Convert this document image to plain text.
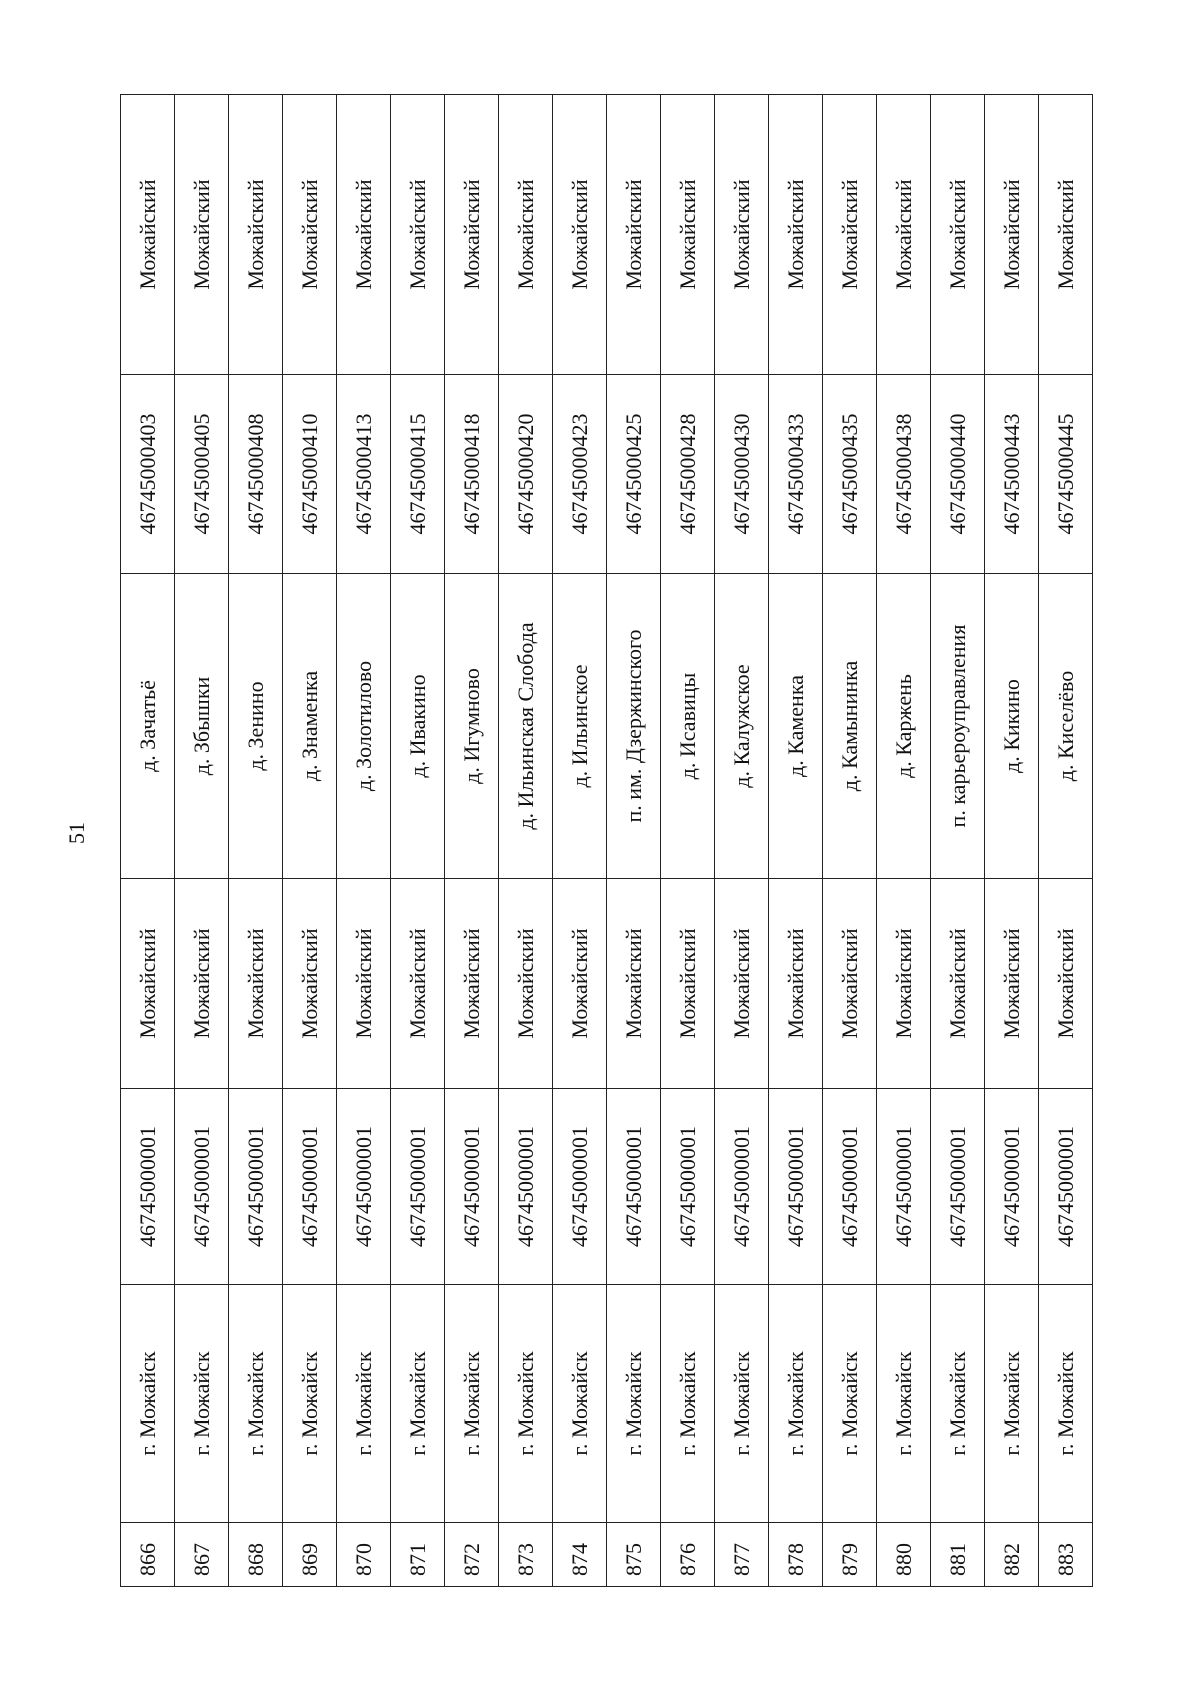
51
866	г. Можайск	46745000001	Можайский	д. Зачатьё	46745000403	Можайский
867	г. Можайск	46745000001	Можайский	д. Збышки	46745000405	Можайский
868	г. Можайск	46745000001	Можайский	д. Зенино	46745000408	Можайский
869	г. Можайск	46745000001	Можайский	д. Знаменка	46745000410	Можайский
870	г. Можайск	46745000001	Можайский	д. Золотилово	46745000413	Можайский
871	г. Можайск	46745000001	Можайский	д. Ивакино	46745000415	Можайский
872	г. Можайск	46745000001	Можайский	д. Игумново	46745000418	Можайский
873	г. Можайск	46745000001	Можайский	д. Ильинская Слобода	46745000420	Можайский
874	г. Можайск	46745000001	Можайский	д. Ильинское	46745000423	Можайский
875	г. Можайск	46745000001	Можайский	п. им. Дзержинского	46745000425	Можайский
876	г. Можайск	46745000001	Можайский	д. Исавицы	46745000428	Можайский
877	г. Можайск	46745000001	Можайский	д. Калужское	46745000430	Можайский
878	г. Можайск	46745000001	Можайский	д. Каменка	46745000433	Можайский
879	г. Можайск	46745000001	Можайский	д. Камынинка	46745000435	Можайский
880	г. Можайск	46745000001	Можайский	д. Каржень	46745000438	Можайский
881	г. Можайск	46745000001	Можайский	п. карьероуправления	46745000440	Можайский
882	г. Можайск	46745000001	Можайский	д. Кикино	46745000443	Можайский
883	г. Можайск	46745000001	Можайский	д. Киселёво	46745000445	Можайский
